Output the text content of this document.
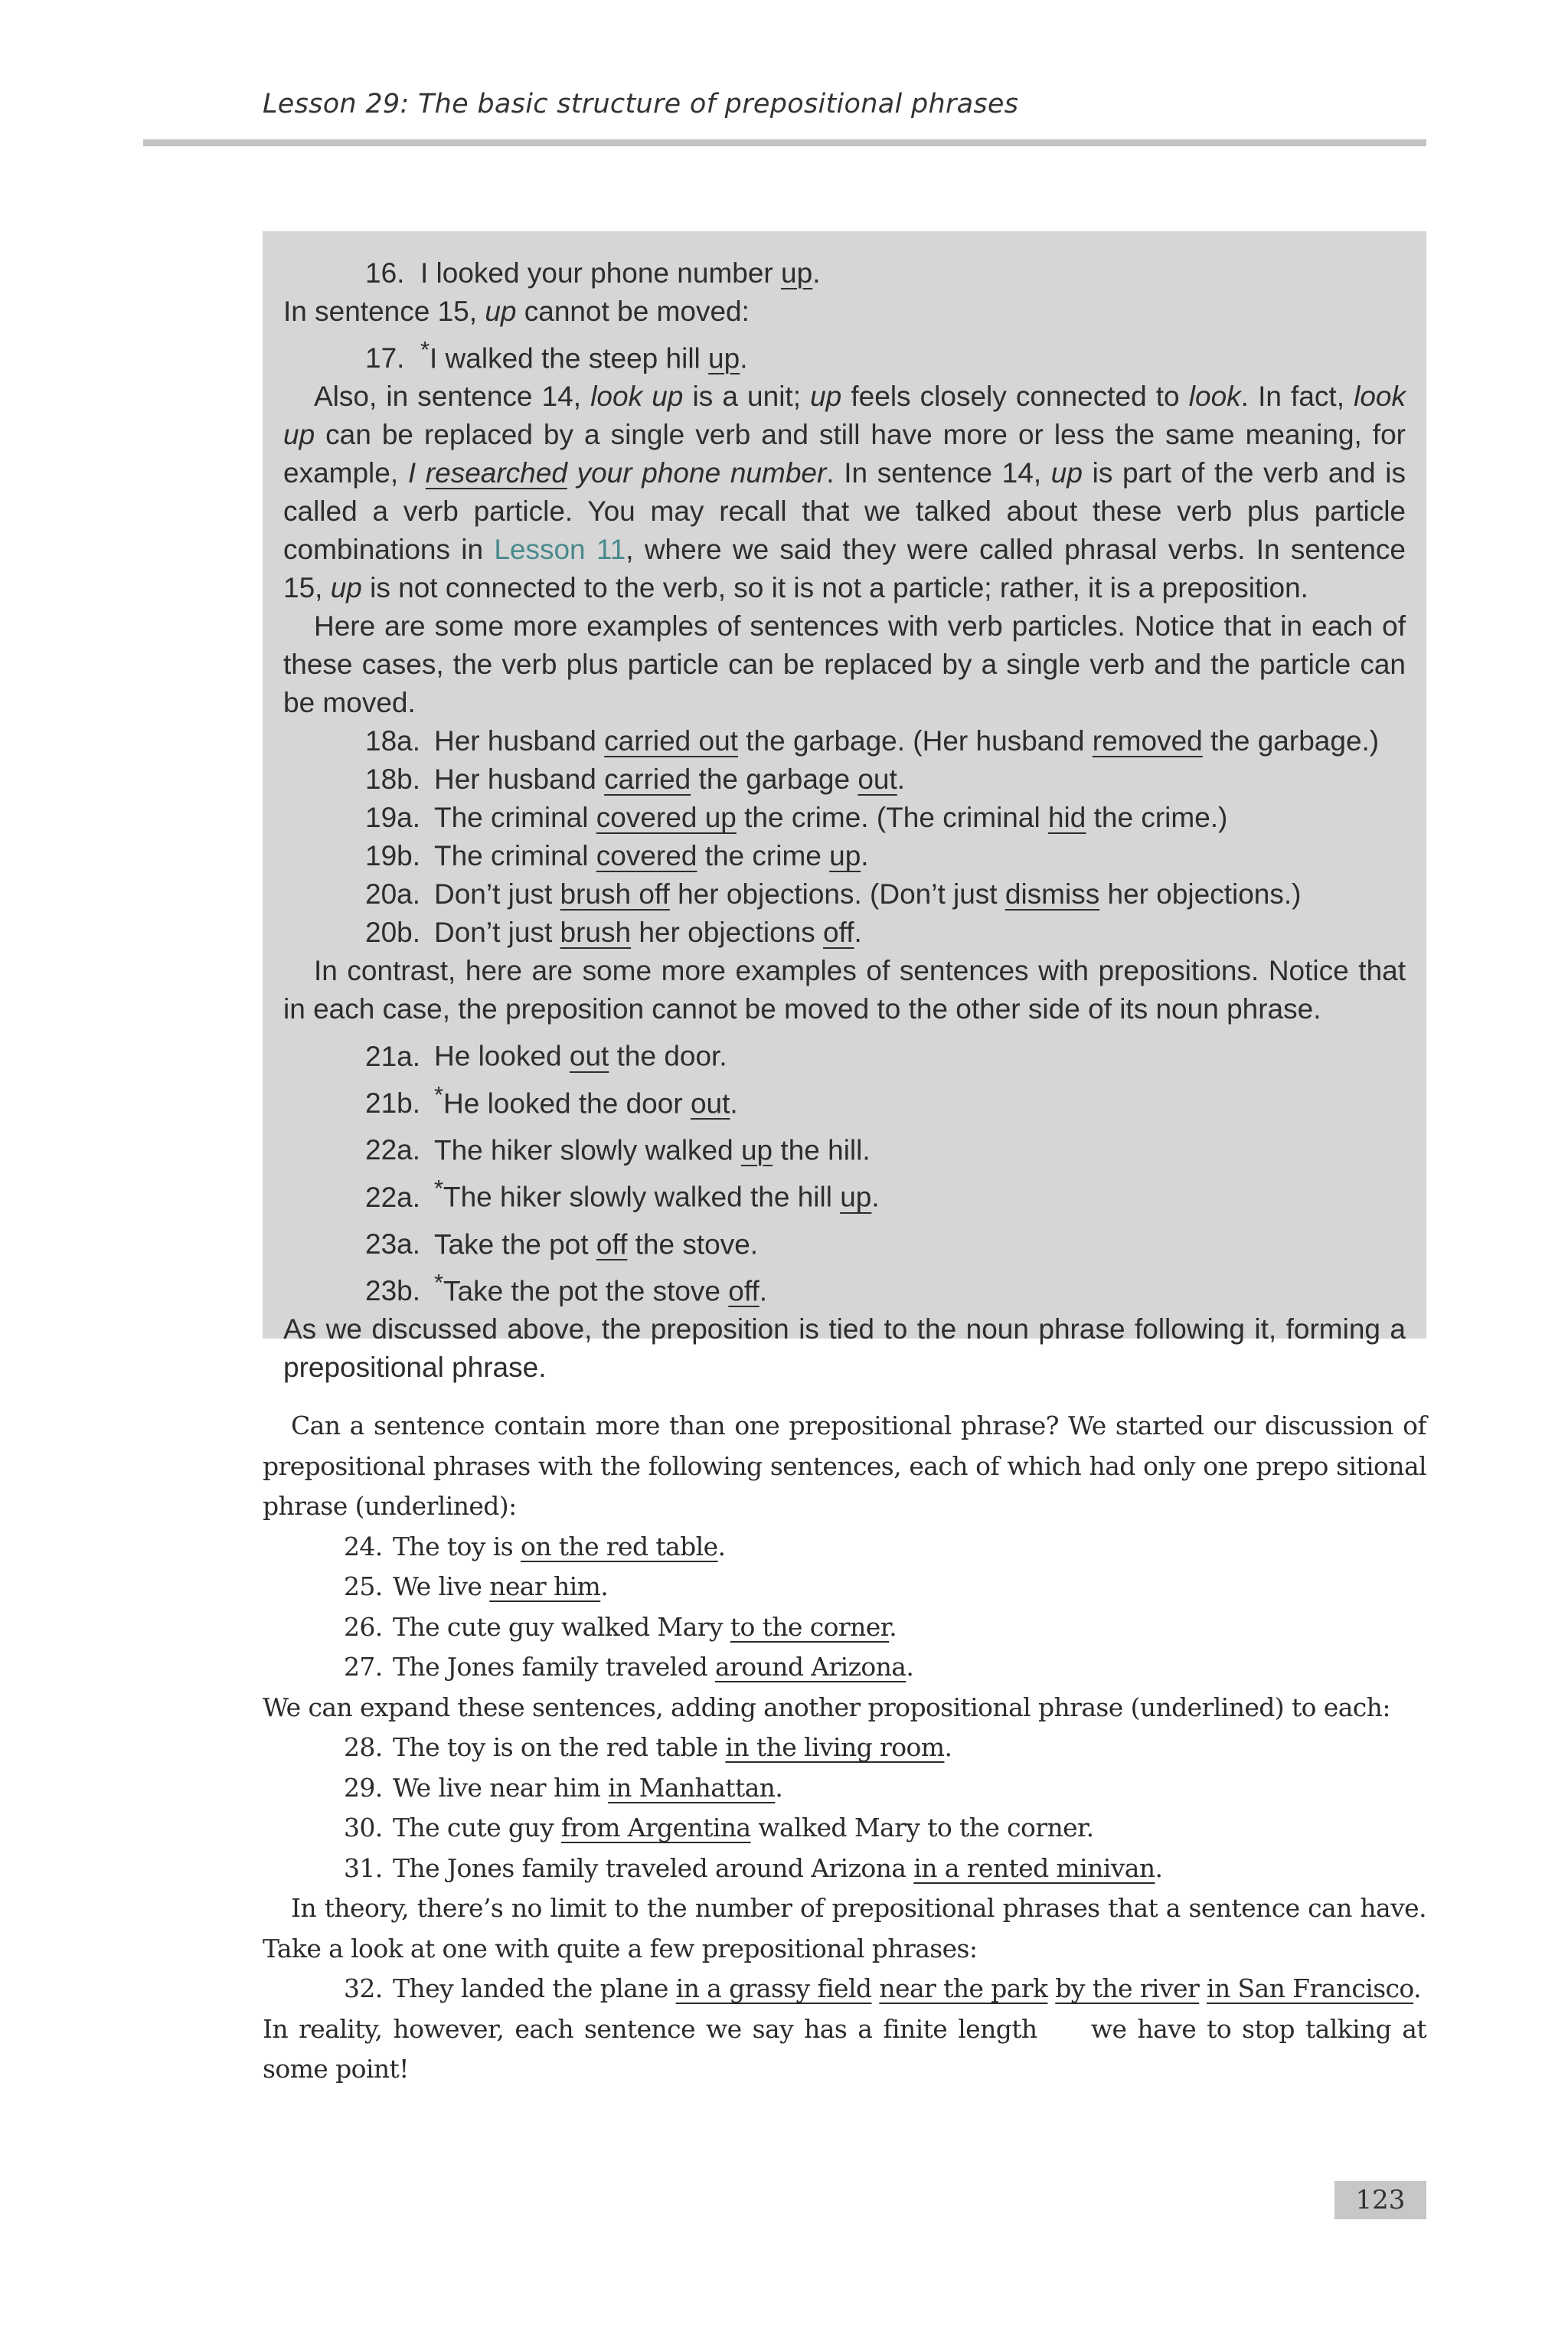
Lesson 29: The basic structure of prepositional phrases

16. I looked your phone number up.

In sentence 15, up cannot be moved:

17. *I walked the steep hill up.

Also, in sentence 14, look up is a unit; up feels closely connected to look. In fact, look up can be replaced by a single verb and still have more or less the same meaning, for example, I researched your phone number. In sentence 14, up is part of the verb and is called a verb particle. You may recall that we talked about these verb plus particle combinations in Lesson 11, where we said they were called phrasal verbs. In sentence 15, up is not connected to the verb, so it is not a particle; rather, it is a preposition.

Here are some more examples of sentences with verb particles. Notice that in each of these cases, the verb plus particle can be replaced by a single verb and the particle can be moved.

18a. Her husband carried out the garbage. (Her husband removed the garbage.)

18b. Her husband carried the garbage out.

19a. The criminal covered up the crime. (The criminal hid the crime.)

19b. The criminal covered the crime up.

20a. Don’t just brush off her objections. (Don’t just dismiss her objections.)

20b. Don’t just brush her objections off.

In contrast, here are some more examples of sentences with prepositions. Notice that in each case, the preposition cannot be moved to the other side of its noun phrase.

21a. He looked out the door.

21b. *He looked the door out.

22a. The hiker slowly walked up the hill.

22a. *The hiker slowly walked the hill up.

23a. Take the pot off the stove.

23b. *Take the pot the stove off.

As we discussed above, the preposition is tied to the noun phrase following it, forming a prepositional phrase.

Can a sentence contain more than one prepositional phrase? We started our discussion of prepositional phrases with the following sentences, each of which had only one prepo sitional phrase (underlined):

24. The toy is on the red table.

25. We live near him.

26. The cute guy walked Mary to the corner.

27. The Jones family traveled around Arizona.

We can expand these sentences, adding another propositional phrase (underlined) to each:

28. The toy is on the red table in the living room.

29. We live near him in Manhattan.

30. The cute guy from Argentina walked Mary to the corner.

31. The Jones family traveled around Arizona in a rented minivan.

In theory, there’s no limit to the number of prepositional phrases that a sentence can have. Take a look at one with quite a few prepositional phrases:

32. They landed the plane in a grassy field near the park by the river in San Francisco.

In reality, however, each sentence we say has a finite length we have to stop talking at some point!

123
